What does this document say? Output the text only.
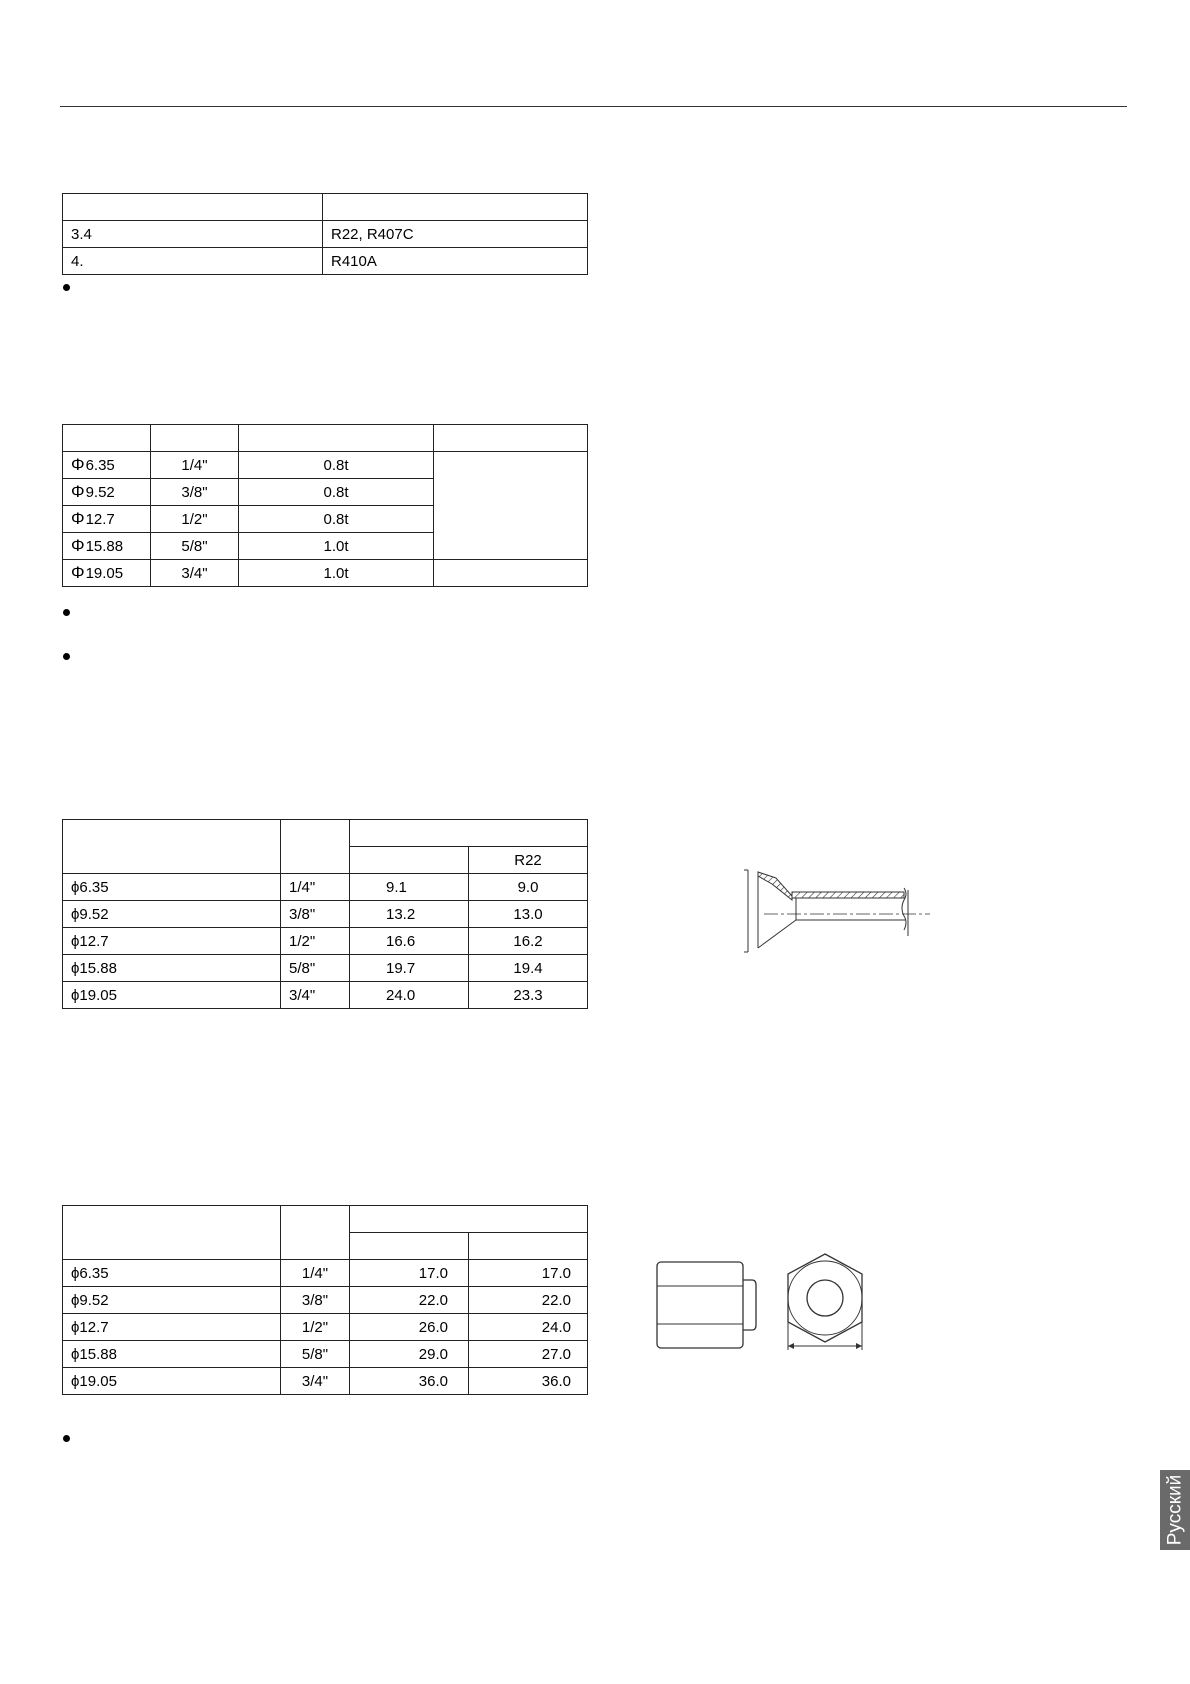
3.4	R22, R407C
4.	R410A

Φ6.35	1/4"	0.8t	
Φ9.52	3/8"	0.8t	
Φ12.7	1/2"	0.8t	
Φ15.88	5/8"	1.0t	
Φ19.05	3/4"	1.0t	

			R22
ϕ6.35	1/4"	9.1	9.0
ϕ9.52	3/8"	13.2	13.0
ϕ12.7	1/2"	16.6	16.2
ϕ15.88	5/8"	19.7	19.4
ϕ19.05	3/4"	24.0	23.3

ϕ6.35	1/4"	17.0	17.0
ϕ9.52	3/8"	22.0	22.0
ϕ12.7	1/2"	26.0	24.0
ϕ15.88	5/8"	29.0	27.0
ϕ19.05	3/4"	36.0	36.0
Русский
